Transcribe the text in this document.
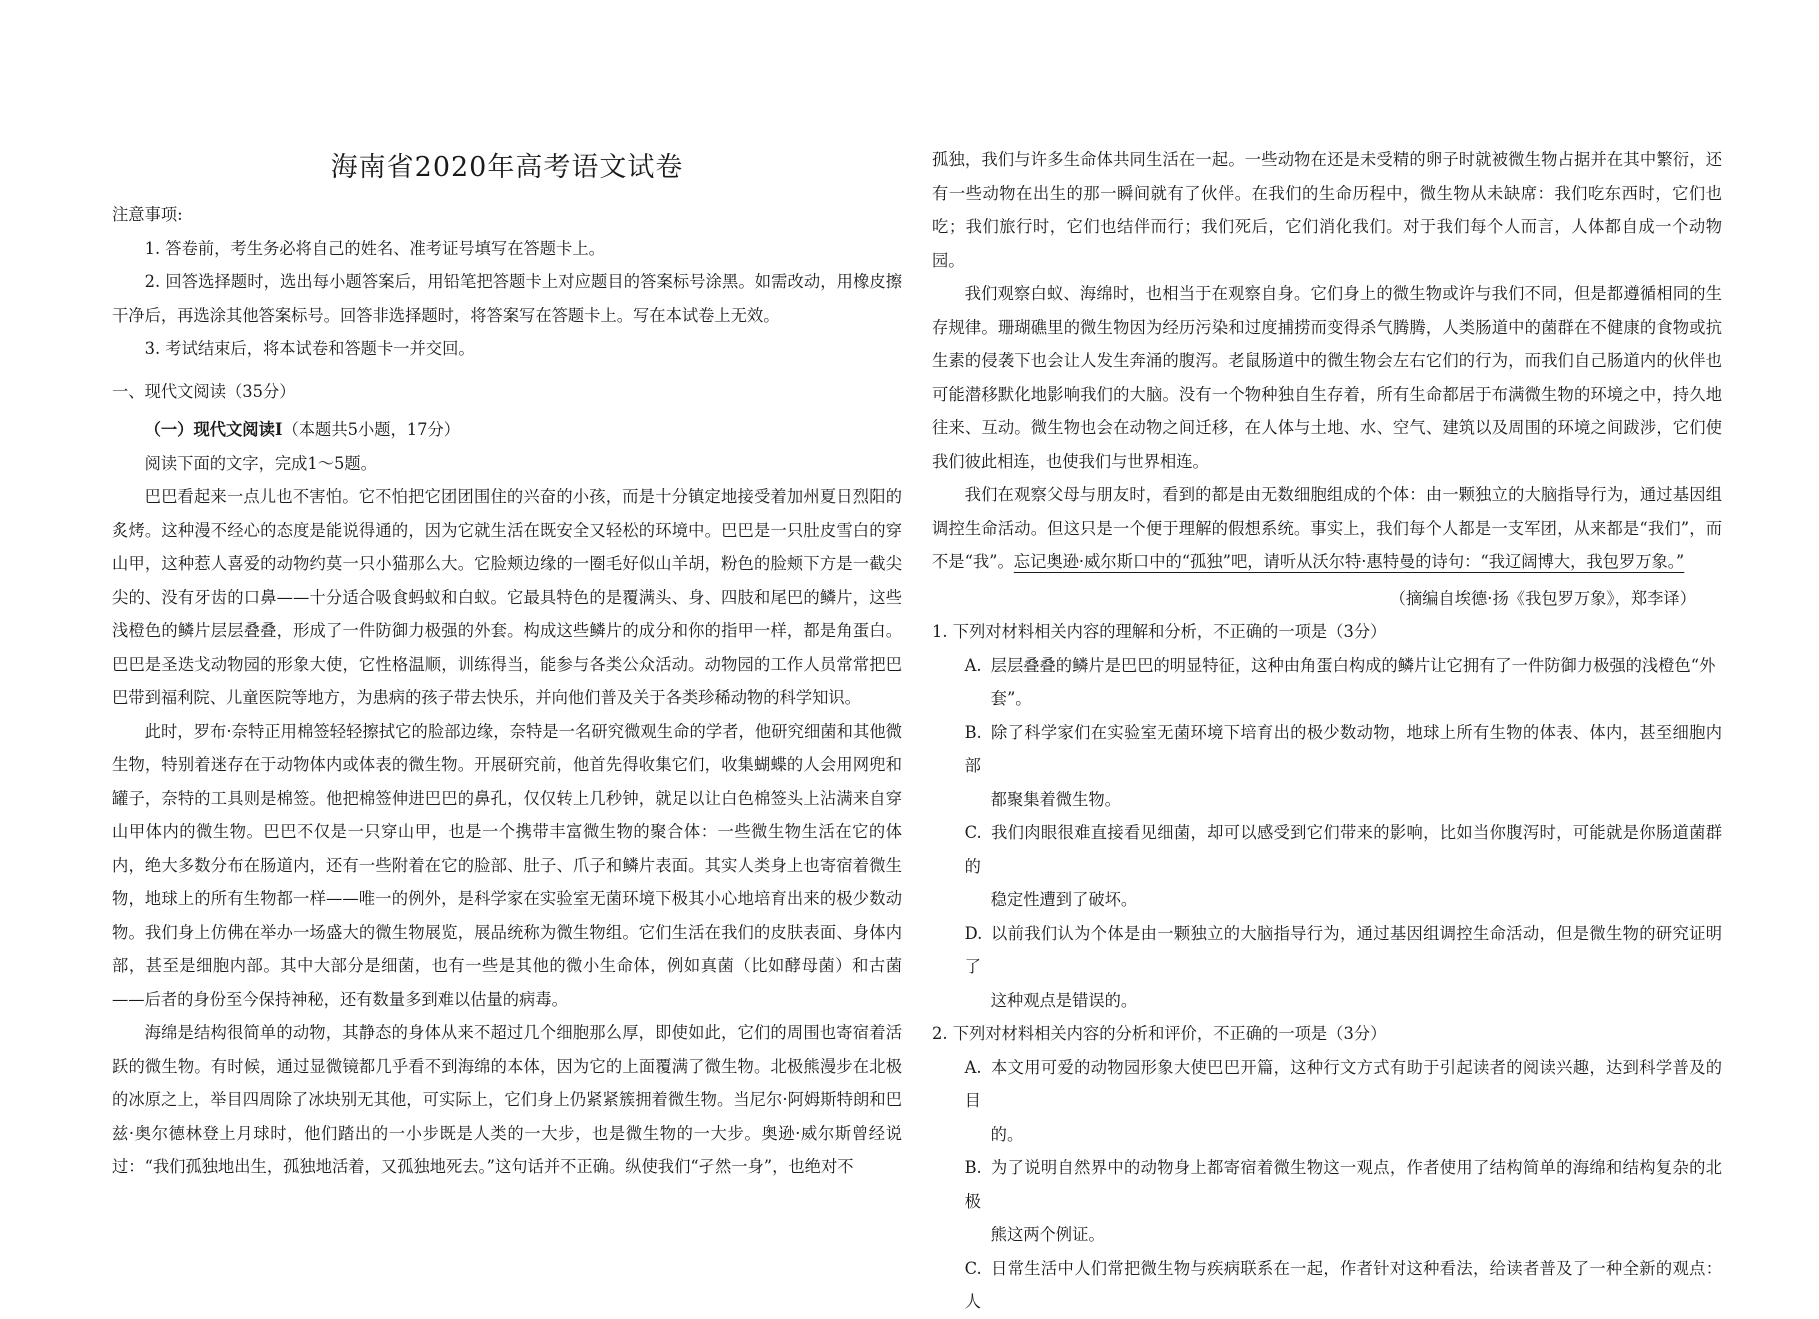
海南省2020年高考语文试卷

注意事项:

1. 答卷前，考生务必将自己的姓名、准考证号填写在答题卡上。

2. 回答选择题时，选出每小题答案后，用铅笔把答题卡上对应题目的答案标号涂黑。如需改动，用橡皮擦干净后，再选涂其他答案标号。回答非选择题时，将答案写在答题卡上。写在本试卷上无效。

3. 考试结束后，将本试卷和答题卡一并交回。

一、现代文阅读（35分）

（一）现代文阅读Ⅰ（本题共5小题，17分）

阅读下面的文字，完成1～5题。

巴巴看起来一点儿也不害怕。它不怕把它团团围住的兴奋的小孩，而是十分镇定地接受着加州夏日烈阳的炙烤。这种漫不经心的态度是能说得通的，因为它就生活在既安全又轻松的环境中。巴巴是一只肚皮雪白的穿山甲，这种惹人喜爱的动物约莫一只小猫那么大。它脸颊边缘的一圈毛好似山羊胡，粉色的脸颊下方是一截尖尖的、没有牙齿的口鼻——十分适合吸食蚂蚁和白蚁。它最具特色的是覆满头、身、四肢和尾巴的鳞片，这些浅橙色的鳞片层层叠叠，形成了一件防御力极强的外套。构成这些鳞片的成分和你的指甲一样，都是角蛋白。巴巴是圣迭戈动物园的形象大使，它性格温顺，训练得当，能参与各类公众活动。动物园的工作人员常常把巴巴带到福利院、儿童医院等地方，为患病的孩子带去快乐，并向他们普及关于各类珍稀动物的科学知识。

此时，罗布·奈特正用棉签轻轻擦拭它的脸部边缘，奈特是一名研究微观生命的学者，他研究细菌和其他微生物，特别着迷存在于动物体内或体表的微生物。开展研究前，他首先得收集它们，收集蝴蝶的人会用网兜和罐子，奈特的工具则是棉签。他把棉签伸进巴巴的鼻孔，仅仅转上几秒钟，就足以让白色棉签头上沾满来自穿山甲体内的微生物。巴巴不仅是一只穿山甲，也是一个携带丰富微生物的聚合体：一些微生物生活在它的体内，绝大多数分布在肠道内，还有一些附着在它的脸部、肚子、爪子和鳞片表面。其实人类身上也寄宿着微生物，地球上的所有生物都一样——唯一的例外，是科学家在实验室无菌环境下极其小心地培育出来的极少数动物。我们身上仿佛在举办一场盛大的微生物展览，展品统称为微生物组。它们生活在我们的皮肤表面、身体内部，甚至是细胞内部。其中大部分是细菌，也有一些是其他的微小生命体，例如真菌（比如酵母菌）和古菌——后者的身份至今保持神秘，还有数量多到难以估量的病毒。

海绵是结构很简单的动物，其静态的身体从来不超过几个细胞那么厚，即使如此，它们的周围也寄宿着活跃的微生物。有时候，通过显微镜都几乎看不到海绵的本体，因为它的上面覆满了微生物。北极熊漫步在北极的冰原之上，举目四周除了冰块别无其他，可实际上，它们身上仍紧紧簇拥着微生物。当尼尔·阿姆斯特朗和巴兹·奥尔德林登上月球时，他们踏出的一小步既是人类的一大步，也是微生物的一大步。奥逊·威尔斯曾经说过：“我们孤独地出生，孤独地活着，又孤独地死去。”这句话并不正确。纵使我们“孑然一身”，也绝对不

孤独，我们与许多生命体共同生活在一起。一些动物在还是未受精的卵子时就被微生物占据并在其中繁衍，还有一些动物在出生的那一瞬间就有了伙伴。在我们的生命历程中，微生物从未缺席：我们吃东西时，它们也吃；我们旅行时，它们也结伴而行；我们死后，它们消化我们。对于我们每个人而言，人体都自成一个动物园。

我们观察白蚁、海绵时，也相当于在观察自身。它们身上的微生物或许与我们不同，但是都遵循相同的生存规律。珊瑚礁里的微生物因为经历污染和过度捕捞而变得杀气腾腾，人类肠道中的菌群在不健康的食物或抗生素的侵袭下也会让人发生奔涌的腹泻。老鼠肠道中的微生物会左右它们的行为，而我们自己肠道内的伙伴也可能潜移默化地影响我们的大脑。没有一个物种独自生存着，所有生命都居于布满微生物的环境之中，持久地往来、互动。微生物也会在动物之间迁移，在人体与土地、水、空气、建筑以及周围的环境之间跋涉，它们使我们彼此相连，也使我们与世界相连。

我们在观察父母与朋友时，看到的都是由无数细胞组成的个体：由一颗独立的大脑指导行为，通过基因组调控生命活动。但这只是一个便于理解的假想系统。事实上，我们每个人都是一支军团，从来都是“我们”，而不是“我”。忘记奥逊·威尔斯口中的“孤独”吧，请听从沃尔特·惠特曼的诗句：“我辽阔博大，我包罗万象。”

（摘编自埃德·扬《我包罗万象》，郑李译）

1. 下列对材料相关内容的理解和分析，不正确的一项是（3分）

A. 层层叠叠的鳞片是巴巴的明显特征，这种由角蛋白构成的鳞片让它拥有了一件防御力极强的浅橙色“外

套”。

B. 除了科学家们在实验室无菌环境下培育出的极少数动物，地球上所有生物的体表、体内，甚至细胞内部

都聚集着微生物。

C. 我们肉眼很难直接看见细菌，却可以感受到它们带来的影响，比如当你腹泻时，可能就是你肠道菌群的

稳定性遭到了破坏。

D. 以前我们认为个体是由一颗独立的大脑指导行为，通过基因组调控生命活动，但是微生物的研究证明了

这种观点是错误的。

2. 下列对材料相关内容的分析和评价，不正确的一项是（3分）

A. 本文用可爱的动物园形象大使巴巴开篇，这种行文方式有助于引起读者的阅读兴趣，达到科学普及的目

的。

B. 为了说明自然界中的动物身上都寄宿着微生物这一观点，作者使用了结构简单的海绵和结构复杂的北极

熊这两个例证。

C. 日常生活中人们常把微生物与疾病联系在一起，作者针对这种看法，给读者普及了一种全新的观点：人
